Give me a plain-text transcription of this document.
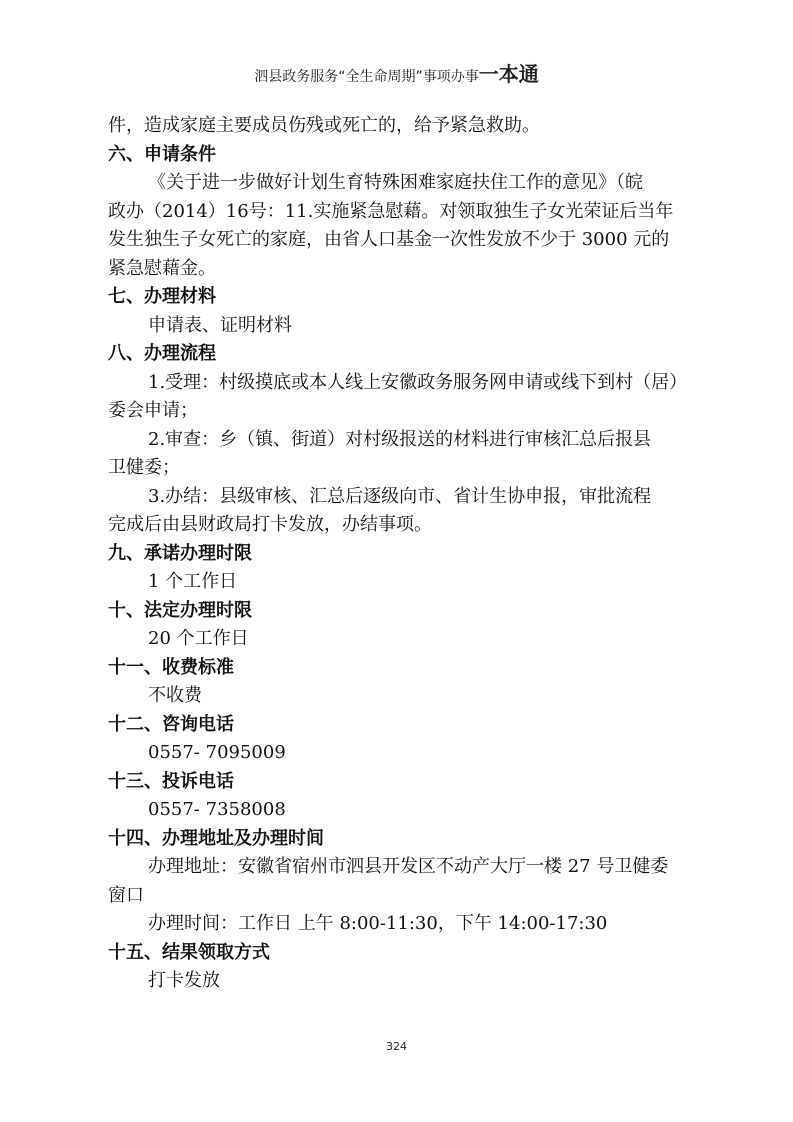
泗县政务服务“全生命周期”事项办事一本通
件，造成家庭主要成员伤残或死亡的，给予紧急救助。
六、申请条件
《关于进一步做好计划生育特殊困难家庭扶住工作的意见》（皖
政办（2014）16号：11.实施紧急慰藉。对领取独生子女光荣证后当年
发生独生子女死亡的家庭，由省人口基金一次性发放不少于 3000 元的
紧急慰藉金。
七、办理材料
申请表、证明材料
八、办理流程
1.受理：村级摸底或本人线上安徽政务服务网申请或线下到村（居）
委会申请；
2.审查：乡（镇、街道）对村级报送的材料进行审核汇总后报县
卫健委；
3.办结：县级审核、汇总后逐级向市、省计生协申报，审批流程
完成后由县财政局打卡发放，办结事项。
九、承诺办理时限
1 个工作日
十、法定办理时限
20 个工作日
十一、收费标准
不收费
十二、咨询电话
0557- 7095009
十三、投诉电话
0557- 7358008
十四、办理地址及办理时间
办理地址：安徽省宿州市泗县开发区不动产大厅一楼 27 号卫健委
窗口
办理时间：工作日 上午 8:00-11:30，下午 14:00-17:30
十五、结果领取方式
打卡发放
324
